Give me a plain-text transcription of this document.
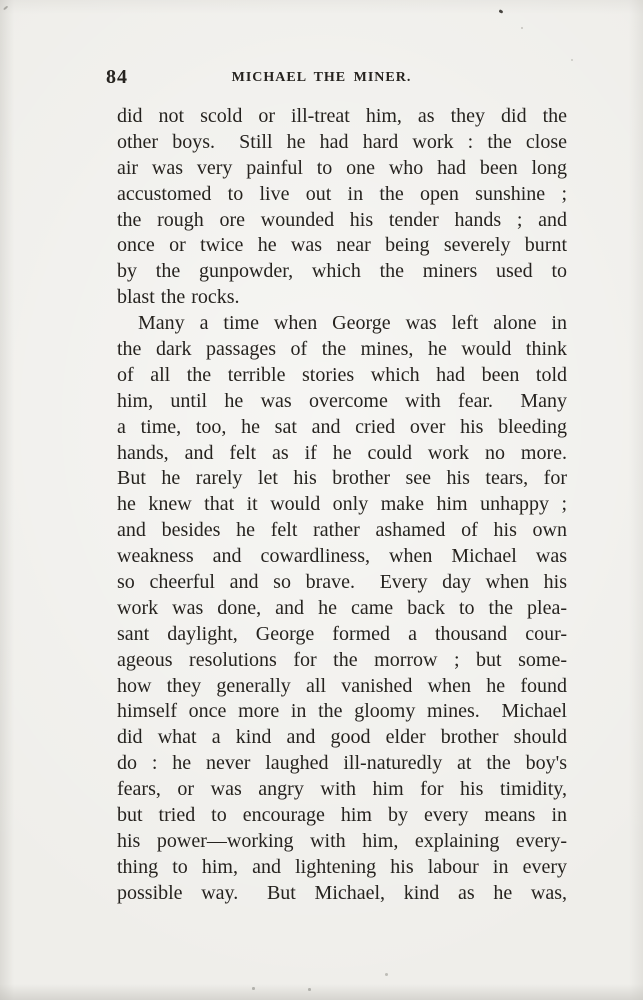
84	MICHAEL THE MINER.
did not scold or ill-treat him, as they did the
other boys.  Still he had hard work : the close
air was very painful to one who had been long
accustomed to live out in the open sunshine ;
the rough ore wounded his tender hands ; and
once or twice he was near being severely burnt
by the gunpowder, which the miners used to
blast the rocks.
Many a time when George was left alone in
the dark passages of the mines, he would think
of all the terrible stories which had been told
him, until he was overcome with fear.  Many
a time, too, he sat and cried over his bleeding
hands, and felt as if he could work no more.
But he rarely let his brother see his tears, for
he knew that it would only make him unhappy ;
and besides he felt rather ashamed of his own
weakness and cowardliness, when Michael was
so cheerful and so brave.  Every day when his
work was done, and he came back to the plea-
sant daylight, George formed a thousand cour-
ageous resolutions for the morrow ; but some-
how they generally all vanished when he found
himself once more in the gloomy mines.  Michael
did what a kind and good elder brother should
do : he never laughed ill-naturedly at the boy's
fears, or was angry with him for his timidity,
but tried to encourage him by every means in
his power—working with him, explaining every-
thing to him, and lightening his labour in every
possible way.  But Michael, kind as he was,
